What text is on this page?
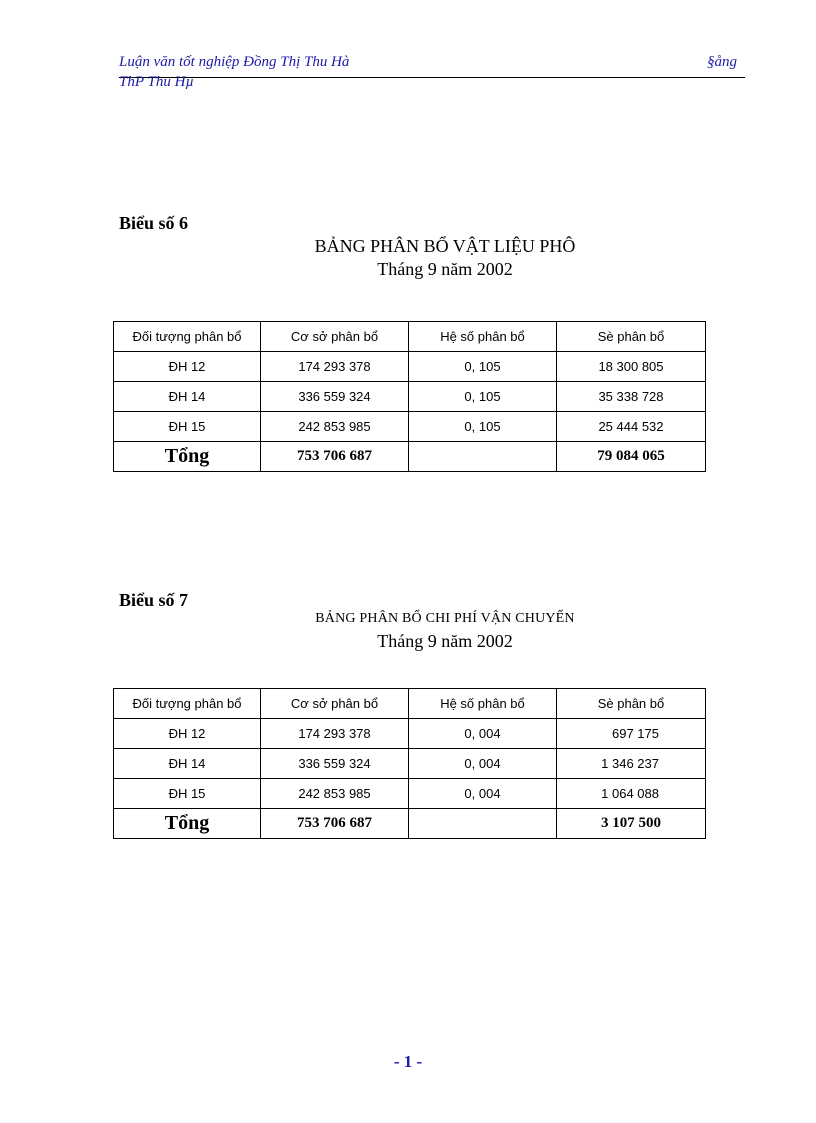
Luận văn tốt nghiệp Đồng Thị Thu Hà	§ång
ThP Thu Hµ
Biểu số 6
BẢNG PHÂN BỔ VẬT LIỆU PHÔ
Tháng 9 năm 2002
Đối tượng phân bổ	Cơ sở phân bổ	Hệ số phân bổ	Sè phân bổ
ĐH 12	174 293 378	0, 105	18 300 805
ĐH 14	336 559 324	0, 105	35 338 728
ĐH 15	242 853 985	0, 105	25 444 532
Tổng	753 706 687		79 084 065
Biểu số 7
BẢNG PHÂN BỔ CHI PHÍ VẬN CHUYỂN
Tháng 9 năm 2002
Đối tượng phân bổ	Cơ sở phân bổ	Hệ số phân bổ	Sè phân bổ
ĐH 12	174 293 378	0, 004	697 175
ĐH 14	336 559 324	0, 004	1 346 237
ĐH 15	242 853 985	0, 004	1 064 088
Tổng	753 706 687		3 107 500
- 1 -
